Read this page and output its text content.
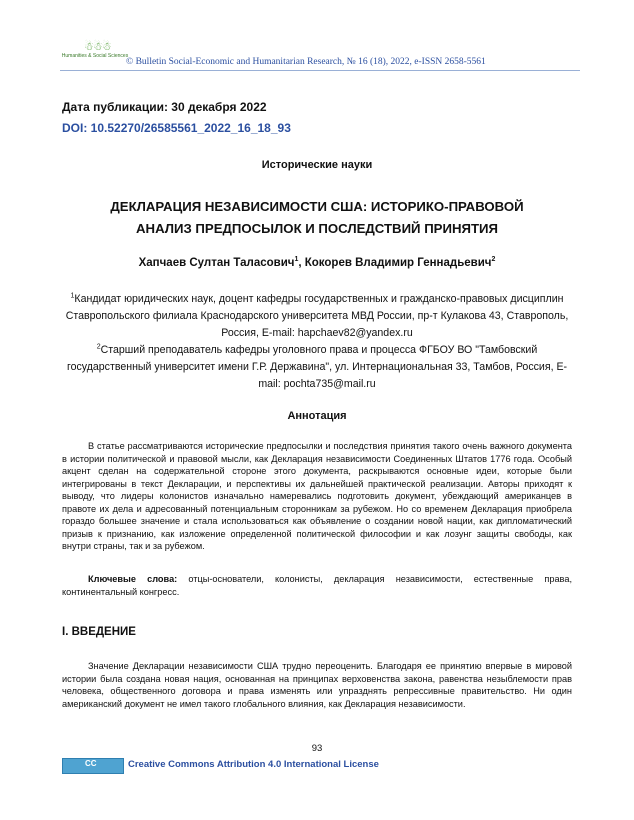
☃☃☃
Humanities & Social Sciences
© Bulletin Social-Economic and Humanitarian Research, № 16 (18), 2022, e-ISSN 2658-5561
Дата публикации: 30 декабря 2022
DOI: 10.52270/26585561_2022_16_18_93
Исторические науки
ДЕКЛАРАЦИЯ НЕЗАВИСИМОСТИ США: ИСТОРИКО-ПРАВОВОЙ
АНАЛИЗ ПРЕДПОСЫЛОК И ПОСЛЕДСТВИЙ ПРИНЯТИЯ
Хапчаев Султан Таласович$^1$, Кокорев Владимир Геннадьевич$^2$
$^1$Кандидат юридических наук, доцент кафедры государственных и гражданско-правовых дисциплин Ставропольского филиала Краснодарского университета МВД России, пр-т Кулакова 43, Ставрополь, Россия, E-mail: hapchaev82@yandex.ru
$^2$Старший преподаватель кафедры уголовного права и процесса ФГБОУ ВО "Тамбовский государственный университет имени Г.Р. Державина", ул. Интернациональная 33, Тамбов, Россия, E-mail: pochta735@mail.ru
Аннотация
В статье рассматриваются исторические предпосылки и последствия принятия такого очень важного документа в истории политической и правовой мысли, как Декларация независимости Соединенных Штатов 1776 года. Особый акцент сделан на содержательной стороне этого документа, раскрываются основные идеи, которые были интегрированы в текст Декларации, и перспективы их дальнейшей практической реализации. Авторы приходят к выводу, что лидеры колонистов изначально намеревались подготовить документ, убеждающий американцев в правоте их дела и адресованный потенциальным сторонникам за рубежом. Но со временем Декларация приобрела гораздо большее значение и стала использоваться как объявление о создании новой нации, как дипломатический призыв к признанию, как изложение определенной политической философии и как лозунг защиты свободы, как внутри страны, так и за рубежом.
Ключевые слова: отцы-основатели, колонисты, декларация независимости, естественные права, континентальный конгресс.
I. ВВЕДЕНИЕ
Значение Декларации независимости США трудно переоценить. Благодаря ее принятию впервые в мировой истории была создана новая нация, основанная на принципах верховенства закона, равенства незыблемости прав человека, общественного договора и права изменять или упразднять репрессивные правительство. Ни один американский документ не имел такого глобального влияния, как Декларация независимости.
93
CC	Creative Commons Attribution 4.0 International License
